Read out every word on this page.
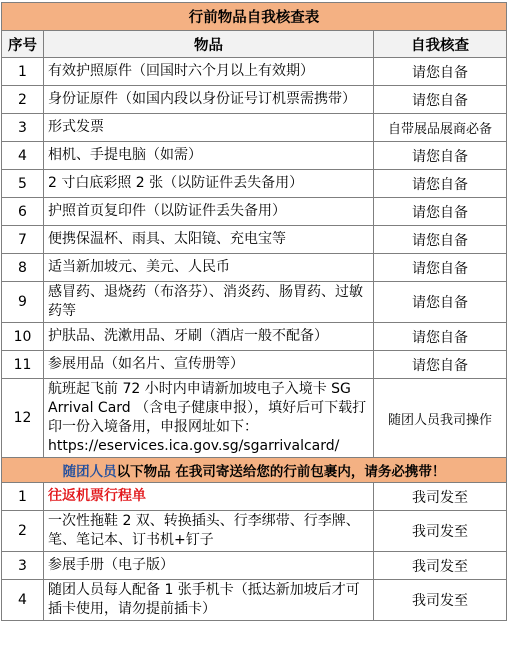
行前物品自我核查表		
序号	物品	自我核查
1	有效护照原件（回国时六个月以上有效期）	请您自备
2	身份证原件（如国内段以身份证号订机票需携带）	请您自备
3	形式发票	自带展品展商必备
4	相机、手提电脑（如需）	请您自备
5	2 寸白底彩照 2 张（以防证件丢失备用）	请您自备
6	护照首页复印件（以防证件丢失备用）	请您自备
7	便携保温杯、雨具、太阳镜、充电宝等	请您自备
8	适当新加坡元、美元、人民币	请您自备
9	感冒药、退烧药（布洛芬）、消炎药、肠胃药、过敏药等	请您自备
10	护肤品、洗漱用品、牙刷（酒店一般不配备）	请您自备
11	参展用品（如名片、宣传册等）	请您自备
12	航班起飞前 72 小时内申请新加坡电子入境卡 SG Arrival Card （含电子健康申报），填好后可下载打印一份入境备用，申报网址如下：https://eservices.ica.gov.sg/sgarrivalcard/	随团人员我司操作
随团人员以下物品 在我司寄送给您的行前包裹内，请务必携带！		
1	往返机票行程单	我司发至
2	一次性拖鞋 2 双、转换插头、行李绑带、行李牌、笔、笔记本、订书机+钉子	我司发至
3	参展手册（电子版）	我司发至
4	随团人员每人配备 1 张手机卡（抵达新加坡后才可插卡使用，请勿提前插卡）	我司发至
